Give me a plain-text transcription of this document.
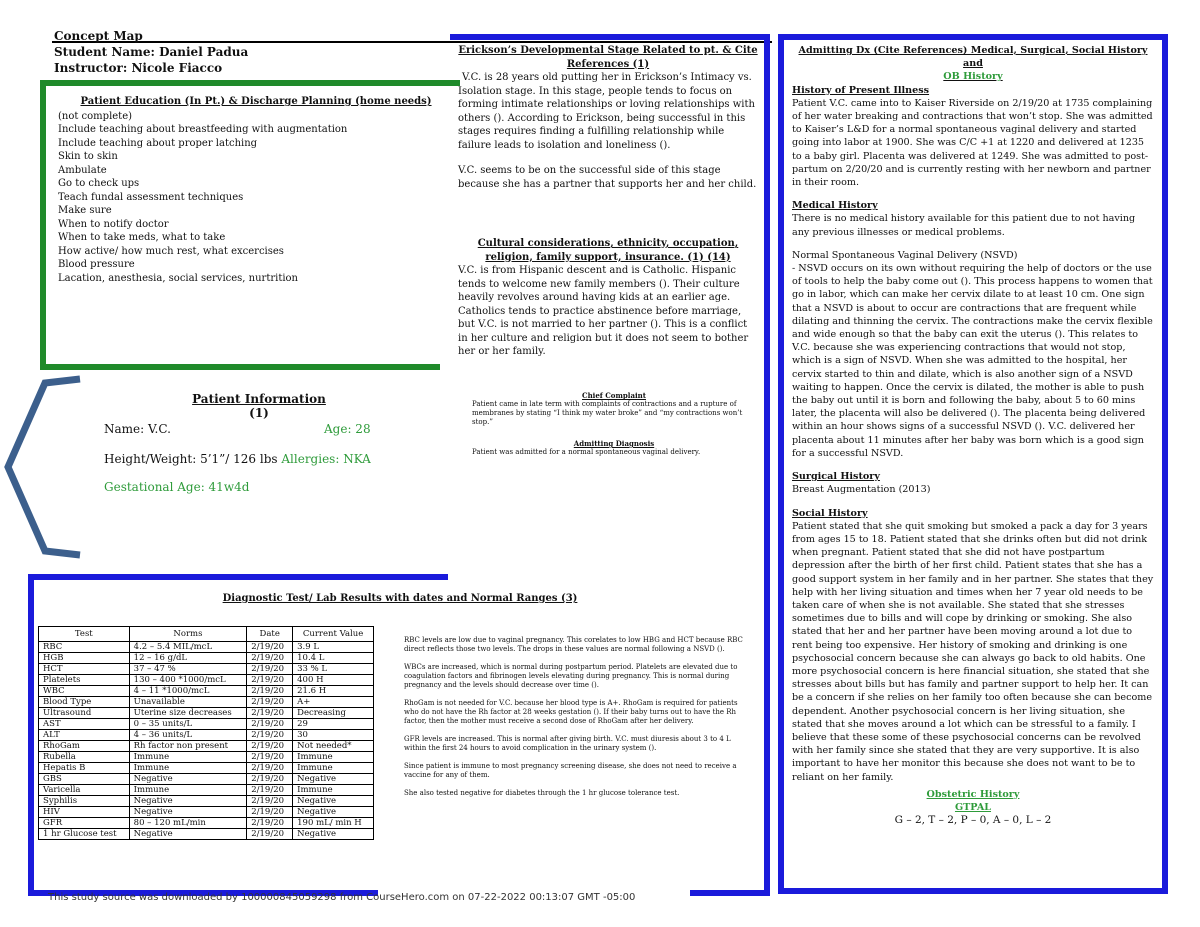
Concept Map
Student Name: Daniel Padua
Instructor: Nicole Fiacco
Patient Education (In Pt.) & Discharge Planning (home needs)
(not complete)
Include teaching about breastfeeding with augmentation
Include teaching about proper latching
Skin to skin
Ambulate
Go to check ups
Teach fundal assessment techniques
Make sure
When to notify doctor
When to take meds, what to take
How active/ how much rest, what excercises
Blood pressure
Lacation, anesthesia, social services, nurtrition
Patient Information
(1)
Name: V.C.	Age: 28
Height/Weight: 5’1”/ 126 lbs Allergies: NKA
Gestational Age: 41w4d
Erickson’s Developmental Stage Related to pt. & Cite References (1)

V.C. is 28 years old putting her in Erickson’s Intimacy vs. Isolation stage. In this stage, people tends to focus on forming intimate relationships or loving relationships with others (). According to Erickson, being successful in this stages requires finding a fulfilling relationship while failure leads to isolation and loneliness ().

V.C. seems to be on the successful side of this stage because she has a partner that supports her and her child.

Cultural considerations, ethnicity, occupation, religion, family support, insurance. (1) (14)

V.C. is from Hispanic descent and is Catholic. Hispanic tends to welcome new family members (). Their culture heavily revolves around having kids at an earlier age. Catholics tends to practice abstinence before marriage, but V.C. is not married to her partner (). This is a conflict in her culture and religion but it does not seem to bother her or her family.

Chief Complaint
Patient came in late term with complaints of contractions and a rupture of membranes by stating “I think my water broke” and “my contractions won’t stop.”
Admitting Diagnosis
Patient was admitted for a normal spontaneous vaginal delivery.
Diagnostic Test/ Lab Results with dates and Normal Ranges (3)
Test	Norms	Date	Current Value
RBC	4.2 – 5.4 MIL/mcL	2/19/20	3.9 L
HGB	12 – 16 g/dL	2/19/20	10.4 L
HCT	37 – 47 %	2/19/20	33 % L
Platelets	130 – 400 *1000/mcL	2/19/20	400 H
WBC	4 – 11 *1000/mcL	2/19/20	21.6 H
Blood Type	Unavailable	2/19/20	A+
Ultrasound	Uterine size decreases	2/19/20	Decreasing
AST	0 – 35 units/L	2/19/20	29
ALT	4 – 36 units/L	2/19/20	30
RhoGam	Rh factor non present	2/19/20	Not needed*
Rubella	Immune	2/19/20	Immune
Hepatis B	Immune	2/19/20	Immune
GBS	Negative	2/19/20	Negative
Varicella	Immune	2/19/20	Immune
Syphilis	Negative	2/19/20	Negative
HIV	Negative	2/19/20	Negative
GFR	80 – 120 mL/min	2/19/20	190 mL/ min H
1 hr Glucose test	Negative	2/19/20	Negative

RBC levels are low due to vaginal pregnancy. This corelates to low HBG and HCT because RBC direct reflects those two levels. The drops in these values are normal following a NSVD ().

WBCs are increased, which is normal during postpartum period. Platelets are elevated due to coagulation factors and fibrinogen levels elevating during pregnancy. This is normal during pregnancy and the levels should decrease over time ().

RhoGam is not needed for V.C. because her blood type is A+. RhoGam is required for patients who do not have the Rh factor at 28 weeks gestation (). If their baby turns out to have the Rh factor, then the mother must receive a second dose of RhoGam after her delivery.

GFR levels are increased. This is normal after giving birth. V.C. must diuresis about 3 to 4 L within the first 24 hours to avoid complication in the urinary system ().

Since patient is immune to most pregnancy screening disease, she does not need to receive a vaccine for any of them.

She also tested negative for diabetes through the 1 hr glucose tolerance test.

Admitting Dx (Cite References) Medical, Surgical, Social History and
OB History
History of Present Illness
Patient V.C. came into to Kaiser Riverside on 2/19/20 at 1735 complaining of her water breaking and contractions that won’t stop. She was admitted to Kaiser’s L&D for a normal spontaneous vaginal delivery and started going into labor at 1900. She was C/C +1 at 1220 and delivered at 1235 to a baby girl. Placenta was delivered at 1249. She was admitted to post-partum on 2/20/20 and is currently resting with her newborn and partner in their room.
Medical History
There is no medical history available for this patient due to not having any previous illnesses or medical problems.
Normal Spontaneous Vaginal Delivery (NSVD)
- NSVD occurs on its own without requiring the help of doctors or the use of tools to help the baby come out (). This process happens to women that go in labor, which can make her cervix dilate to at least 10 cm. One sign that a NSVD is about to occur are contractions that are frequent while dilating and thinning the cervix. The contractions make the cervix flexible and wide enough so that the baby can exit the uterus (). This relates to V.C. because she was experiencing contractions that would not stop, which is a sign of NSVD. When she was admitted to the hospital, her cervix started to thin and dilate, which is also another sign of a NSVD waiting to happen. Once the cervix is dilated, the mother is able to push the baby out until it is born and following the baby, about 5 to 60 mins later, the placenta will also be delivered (). The placenta being delivered within an hour shows signs of a successful NSVD (). V.C. delivered her placenta about 11 minutes after her baby was born which is a good sign for a successful NSVD.
Surgical History
Breast Augmentation (2013)
Social History
Patient stated that she quit smoking but smoked a pack a day for 3 years from ages 15 to 18. Patient stated that she drinks often but did not drink when pregnant. Patient stated that she did not have postpartum depression after the birth of her first child. Patient states that she has a good support system in her family and in her partner. She states that they help with her living situation and times when her 7 year old needs to be taken care of when she is not available. She stated that she stresses sometimes due to bills and will cope by drinking or smoking. She also stated that her and her partner have been moving around a lot due to rent being too expensive. Her history of smoking and drinking is one psychosocial concern because she can always go back to old habits. One more psychosocial concern is here financial situation, she stated that she stresses about bills but has family and partner support to help her. It can be a concern if she relies on her family too often because she can become dependent. Another psychosocial concern is her living situation, she stated that she moves around a lot which can be stressful to a family. I believe that these some of these psychosocial concerns can be revolved with her family since she stated that they are very supportive. It is also important to have her monitor this because she does not want to be to reliant on her family.
Obstetric History
GTPAL
G – 2, T – 2, P – 0, A – 0, L – 2
This study source was downloaded by 100000845059298 from CourseHero.com on 07-22-2022 00:13:07 GMT -05:00
